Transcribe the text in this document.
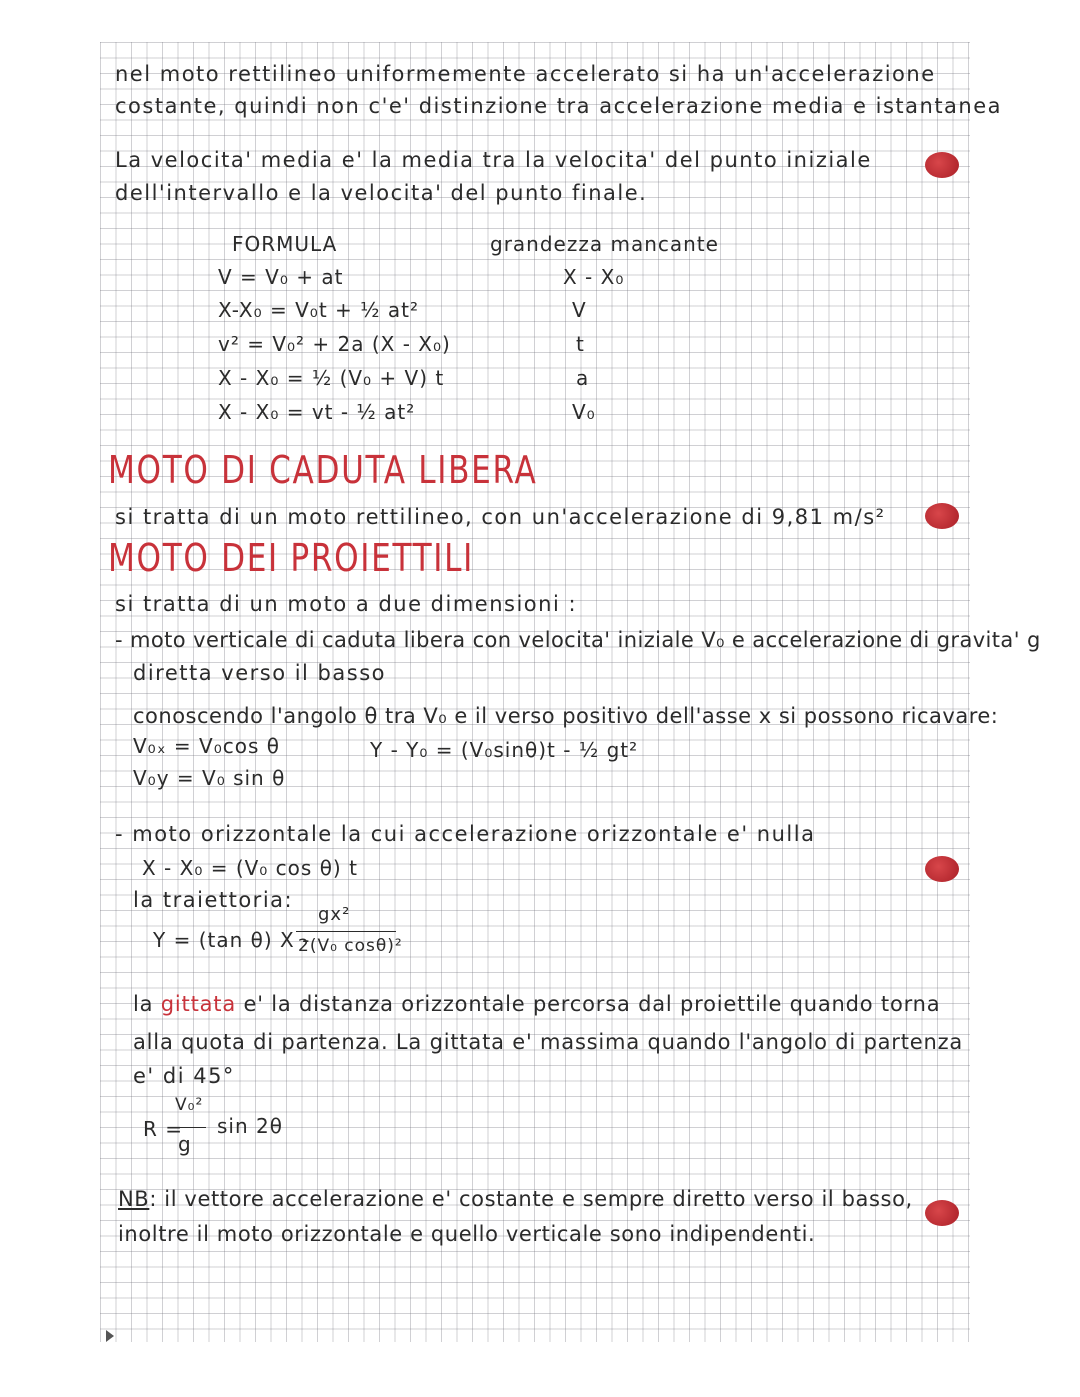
nel moto rettilineo uniformemente accelerato si ha un'accelerazione
costante, quindi non c'e' distinzione tra accelerazione media e istantanea
La velocita' media e' la media tra la velocita' del punto iniziale
dell'intervallo e la velocita' del punto finale.
FORMULA	grandezza mancante
V = V₀ + at	X - X₀
X-X₀ = V₀t + ½ at²	V
v² = V₀² + 2a (X - X₀)	t
X - X₀ = ½ (V₀ + V) t	a
X - X₀ = vt - ½ at²	V₀
MOTO DI CADUTA LIBERA
si tratta di un moto rettilineo, con un'accelerazione di 9,81 m/s²
MOTO DEI PROIETTILI
si tratta di un moto a due dimensioni :
- moto verticale di caduta libera con velocita' iniziale V₀ e accelerazione di gravita' g
diretta verso il basso
conoscendo l'angolo θ tra V₀ e il verso positivo dell'asse x si possono ricavare:
V₀ₓ = V₀cos θ
V₀y = V₀ sin θ
Y - Y₀ = (V₀sinθ)t - ½ gt²
- moto orizzontale la cui accelerazione orizzontale e' nulla
X - X₀ = (V₀ cos θ) t
la traiettoria:
Y = (tan θ) X -
gx²
2(V₀ cosθ)²
la gittata e' la distanza orizzontale percorsa dal proiettile quando torna
alla quota di partenza. La gittata e' massima quando l'angolo di partenza
e' di 45°
R =
V₀²
g
sin 2θ
NB: il vettore accelerazione e' costante e sempre diretto verso il basso,
inoltre il moto orizzontale e quello verticale sono indipendenti.
